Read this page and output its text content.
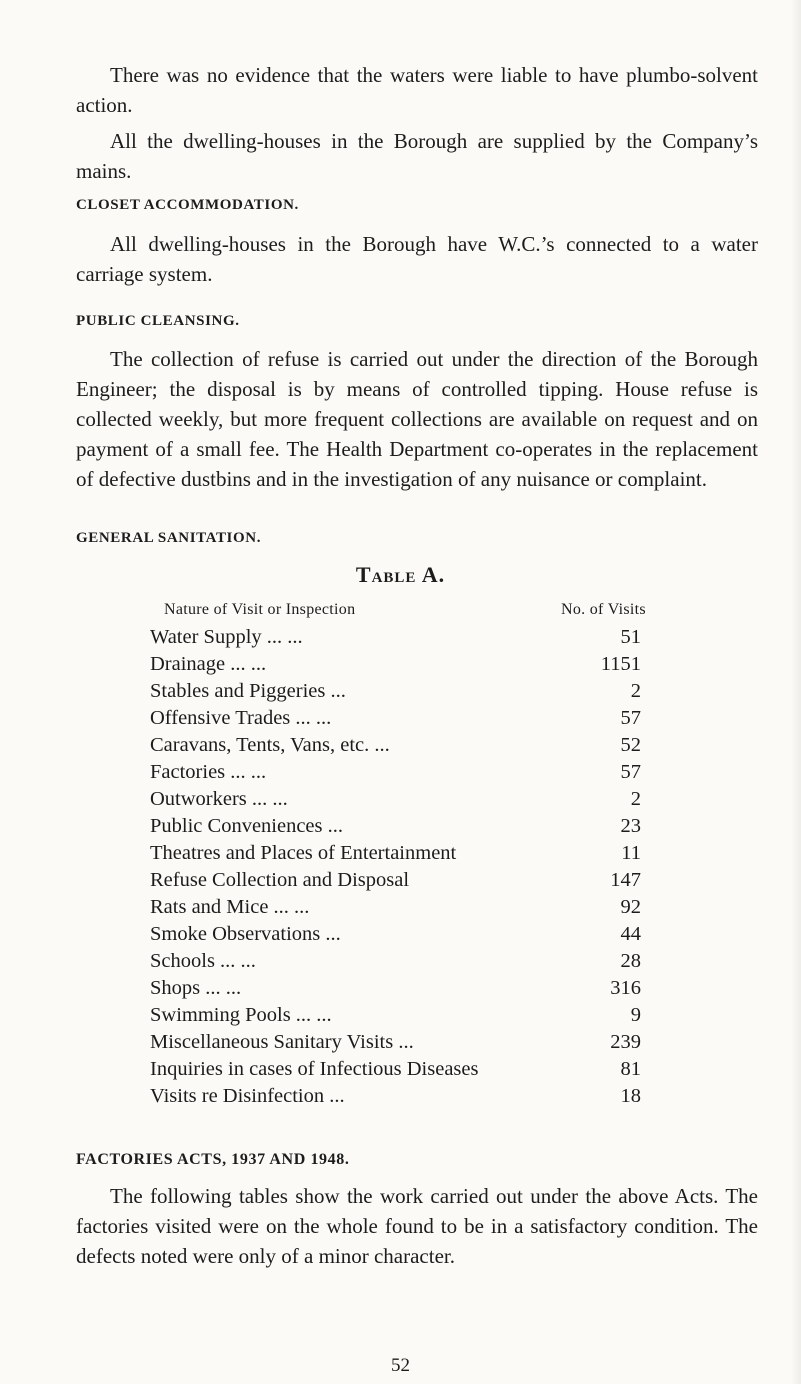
There was no evidence that the waters were liable to have plumbo-solvent action.

All the dwelling-houses in the Borough are supplied by the Company’s mains.

CLOSET ACCOMMODATION.

All dwelling-houses in the Borough have W.C.’s connected to a water carriage system.

PUBLIC CLEANSING.

The collection of refuse is carried out under the direction of the Borough Engineer; the disposal is by means of controlled tipping. House refuse is collected weekly, but more frequent collections are available on request and on payment of a small fee. The Health Department co-operates in the replacement of defective dustbins and in the investigation of any nuisance or complaint.

GENERAL SANITATION.
Table A.
Nature of Visit or Inspection	No. of Visits
Water Supply ... ...	51
Drainage ... ...	1151
Stables and Piggeries ...	2
Offensive Trades ... ...	57
Caravans, Tents, Vans, etc. ...	52
Factories ... ...	57
Outworkers ... ...	2
Public Conveniences ...	23
Theatres and Places of Entertainment	11
Refuse Collection and Disposal	147
Rats and Mice ... ...	92
Smoke Observations ...	44
Schools ... ...	28
Shops ... ...	316
Swimming Pools ... ...	9
Miscellaneous Sanitary Visits ...	239
Inquiries in cases of Infectious Diseases	81
Visits re Disinfection ...	18
FACTORIES ACTS, 1937 AND 1948.

The following tables show the work carried out under the above Acts. The factories visited were on the whole found to be in a satisfactory condition. The defects noted were only of a minor character.

52
